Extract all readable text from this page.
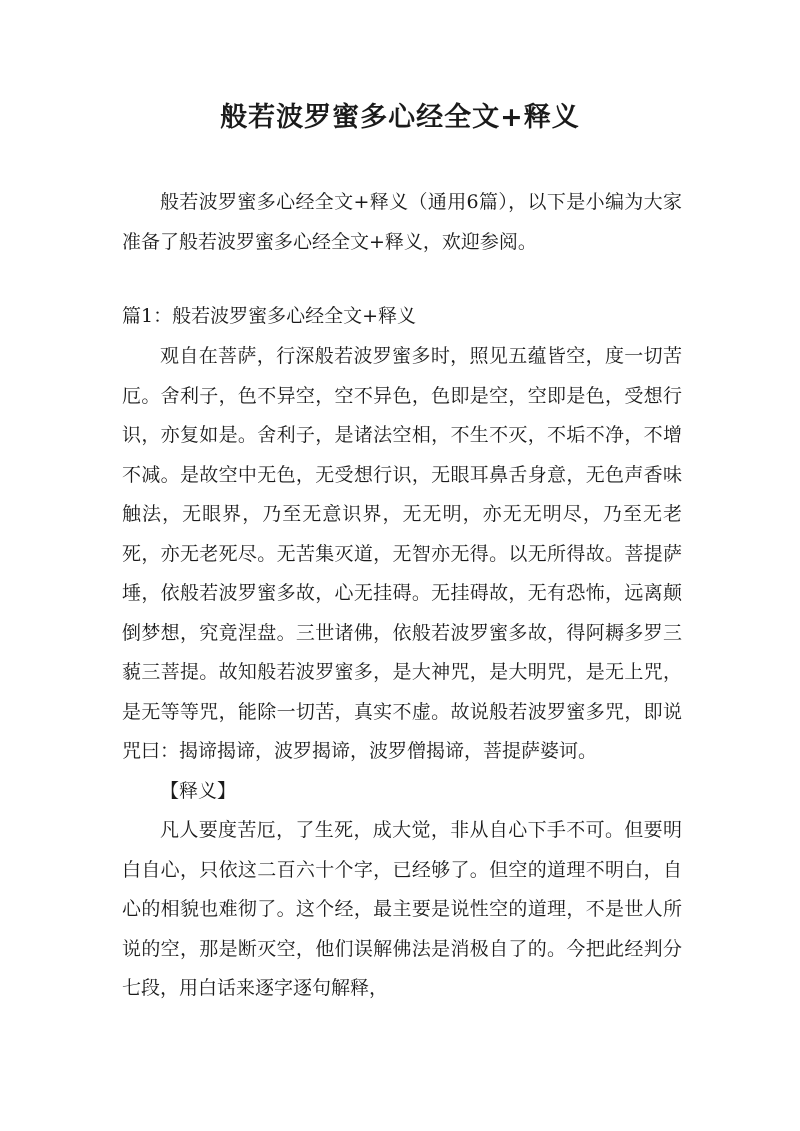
般若波罗蜜多心经全文+释义

般若波罗蜜多心经全文+释义（通用6篇），以下是小编为大家准备了般若波罗蜜多心经全文+释义，欢迎参阅。

篇1：般若波罗蜜多心经全文+释义

观自在菩萨，行深般若波罗蜜多时，照见五蕴皆空，度一切苦厄。舍利子，色不异空，空不异色，色即是空，空即是色，受想行识，亦复如是。舍利子，是诸法空相，不生不灭，不垢不净，不增不减。是故空中无色，无受想行识，无眼耳鼻舌身意，无色声香味触法，无眼界，乃至无意识界，无无明，亦无无明尽，乃至无老死，亦无老死尽。无苦集灭道，无智亦无得。以无所得故。菩提萨埵，依般若波罗蜜多故，心无挂碍。无挂碍故，无有恐怖，远离颠倒梦想，究竟涅盘。三世诸佛，依般若波罗蜜多故，得阿耨多罗三藐三菩提。故知般若波罗蜜多，是大神咒，是大明咒，是无上咒，是无等等咒，能除一切苦，真实不虚。故说般若波罗蜜多咒，即说咒曰：揭谛揭谛，波罗揭谛，波罗僧揭谛，菩提萨婆诃。

【释义】

凡人要度苦厄，了生死，成大觉，非从自心下手不可。但要明白自心，只依这二百六十个字，已经够了。但空的道理不明白，自心的相貌也难彻了。这个经，最主要是说性空的道理，不是世人所说的空，那是断灭空，他们误解佛法是消极自了的。今把此经判分七段，用白话来逐字逐句解释，
